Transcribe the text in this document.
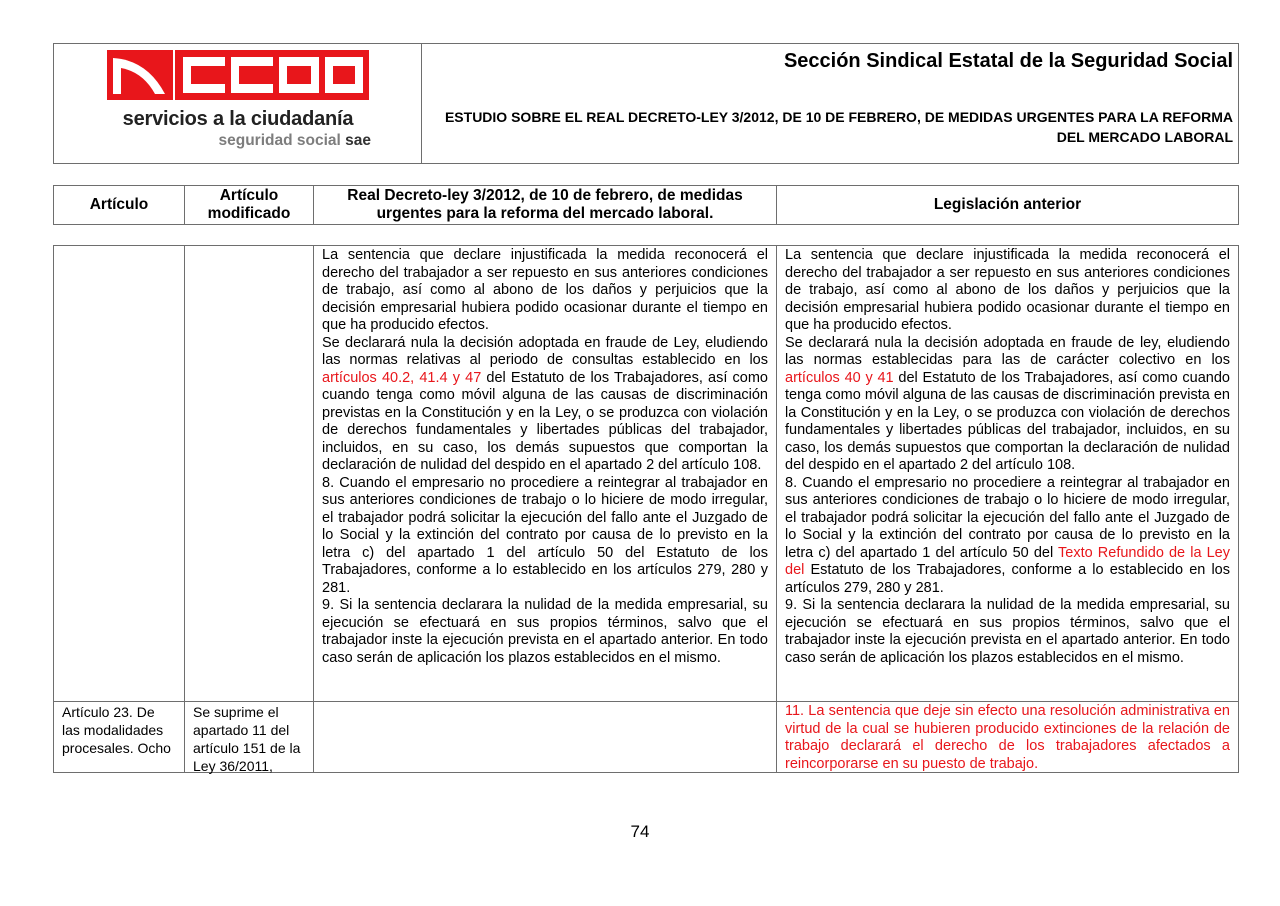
servicios a la ciudadanía
seguridad social sae
Sección Sindical Estatal de la Seguridad Social
ESTUDIO SOBRE EL REAL DECRETO-LEY 3/2012, DE 10 DE FEBRERO, DE MEDIDAS URGENTES PARA LA REFORMA DEL MERCADO LABORAL
Artículo
Artículo modificado
Real Decreto-ley 3/2012, de 10 de febrero, de medidas urgentes para la reforma del mercado laboral.
Legislación anterior

La sentencia que declare injustificada la medida reconocerá el derecho del trabajador a ser repuesto en sus anteriores condiciones de trabajo, así como al abono de los daños y perjuicios que la decisión empresarial hubiera podido ocasionar durante el tiempo en que ha producido efectos.

Se declarará nula la decisión adoptada en fraude de Ley, eludiendo las normas relativas al periodo de consultas establecido en los artículos 40.2, 41.4 y 47 del Estatuto de los Trabajadores, así como cuando tenga como móvil alguna de las causas de discriminación previstas en la Constitución y en la Ley, o se produzca con violación de derechos fundamentales y libertades públicas del trabajador, incluidos, en su caso, los demás supuestos que comportan la declaración de nulidad del despido en el apartado 2 del artículo 108.

8. Cuando el empresario no procediere a reintegrar al trabajador en sus anteriores condiciones de trabajo o lo hiciere de modo irregular, el trabajador podrá solicitar la ejecución del fallo ante el Juzgado de lo Social y la extinción del contrato por causa de lo previsto en la letra c) del apartado 1 del artículo 50 del Estatuto de los Trabajadores, conforme a lo establecido en los artículos 279, 280 y 281.

9. Si la sentencia declarara la nulidad de la medida empresarial, su ejecución se efectuará en sus propios términos, salvo que el trabajador inste la ejecución prevista en el apartado anterior. En todo caso serán de aplicación los plazos establecidos en el mismo.

La sentencia que declare injustificada la medida reconocerá el derecho del trabajador a ser repuesto en sus anteriores condiciones de trabajo, así como al abono de los daños y perjuicios que la decisión empresarial hubiera podido ocasionar durante el tiempo en que ha producido efectos.

Se declarará nula la decisión adoptada en fraude de ley, eludiendo las normas establecidas para las de carácter colectivo en los artículos 40 y 41 del Estatuto de los Trabajadores, así como cuando tenga como móvil alguna de las causas de discriminación prevista en la Constitución y en la Ley, o se produzca con violación de derechos fundamentales y libertades públicas del trabajador, incluidos, en su caso, los demás supuestos que comportan la declaración de nulidad del despido en el apartado 2 del artículo 108.

8. Cuando el empresario no procediere a reintegrar al trabajador en sus anteriores condiciones de trabajo o lo hiciere de modo irregular, el trabajador podrá solicitar la ejecución del fallo ante el Juzgado de lo Social y la extinción del contrato por causa de lo previsto en la letra c) del apartado 1 del artículo 50 del Texto Refundido de la Ley del Estatuto de los Trabajadores, conforme a lo establecido en los artículos 279, 280 y 281.

9. Si la sentencia declarara la nulidad de la medida empresarial, su ejecución se efectuará en sus propios términos, salvo que el trabajador inste la ejecución prevista en el apartado anterior. En todo caso serán de aplicación los plazos establecidos en el mismo.

Artículo 23. De las modalidades procesales. Ocho
Se suprime el apartado 11 del artículo 151 de la Ley 36/2011,
11. La sentencia que deje sin efecto una resolución administrativa en virtud de la cual se hubieren producido extinciones de la relación de trabajo declarará el derecho de los trabajadores afectados a reincorporarse en su puesto de trabajo.
74
